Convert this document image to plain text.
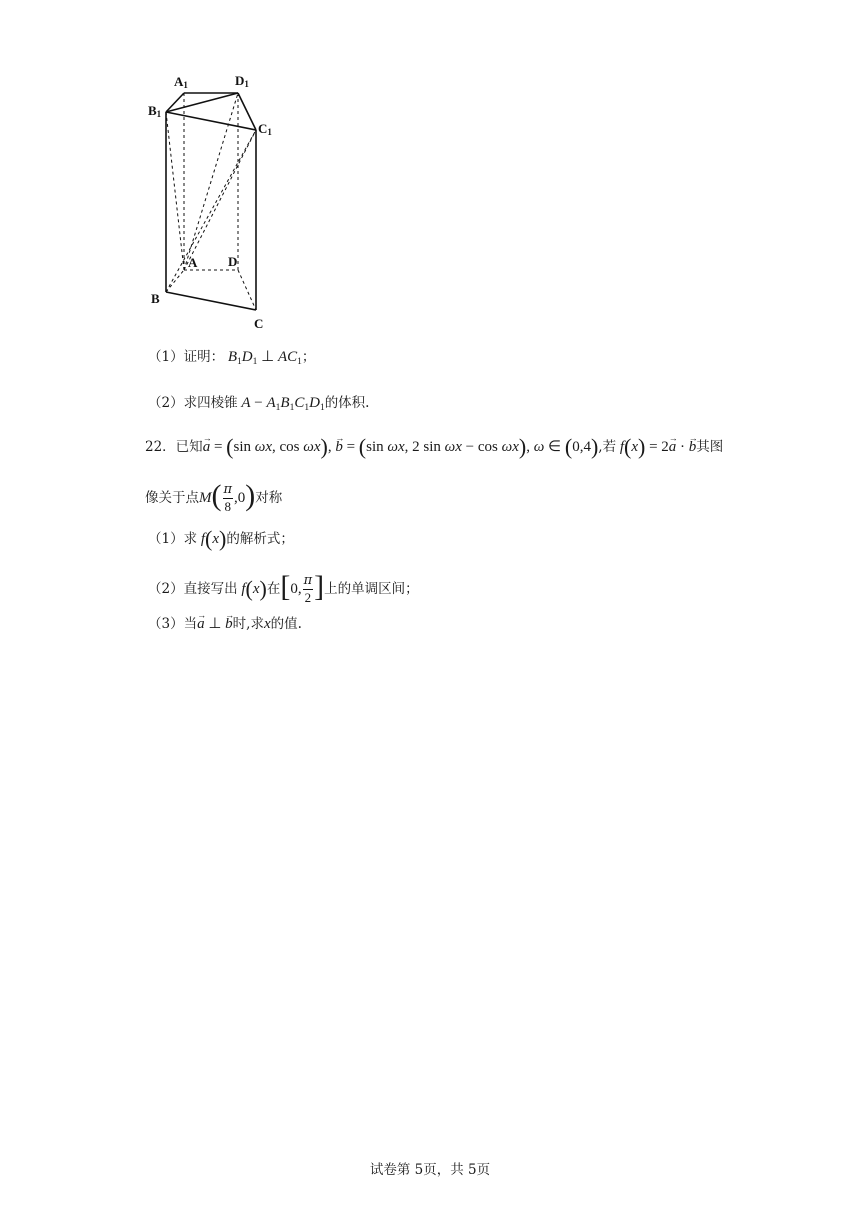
A1	D1
B1
C1
A D
B
C
（1）证明： $B_1D_1$ ⊥ $AC_1$；
（2）求四棱锥 $A - A_1B_1C_1D_1$的体积.
22．已知a → = (sin ωx, cos ωx), b → = (sin ωx, 2 sin ωx − cos ωx), ω ∈ (0,4),若 f(x) = 2a → · b →其图
像关于点$M( \frac{\pi}{8} ,0)$对称
（1）求 f(x)的解析式；
（2）直接写出 f(x)在[0, $\frac{\pi}{2}$ ]上的单调区间；
（3）当a → ⊥ b →时,求x的值.
试卷第 5页，共 5页
